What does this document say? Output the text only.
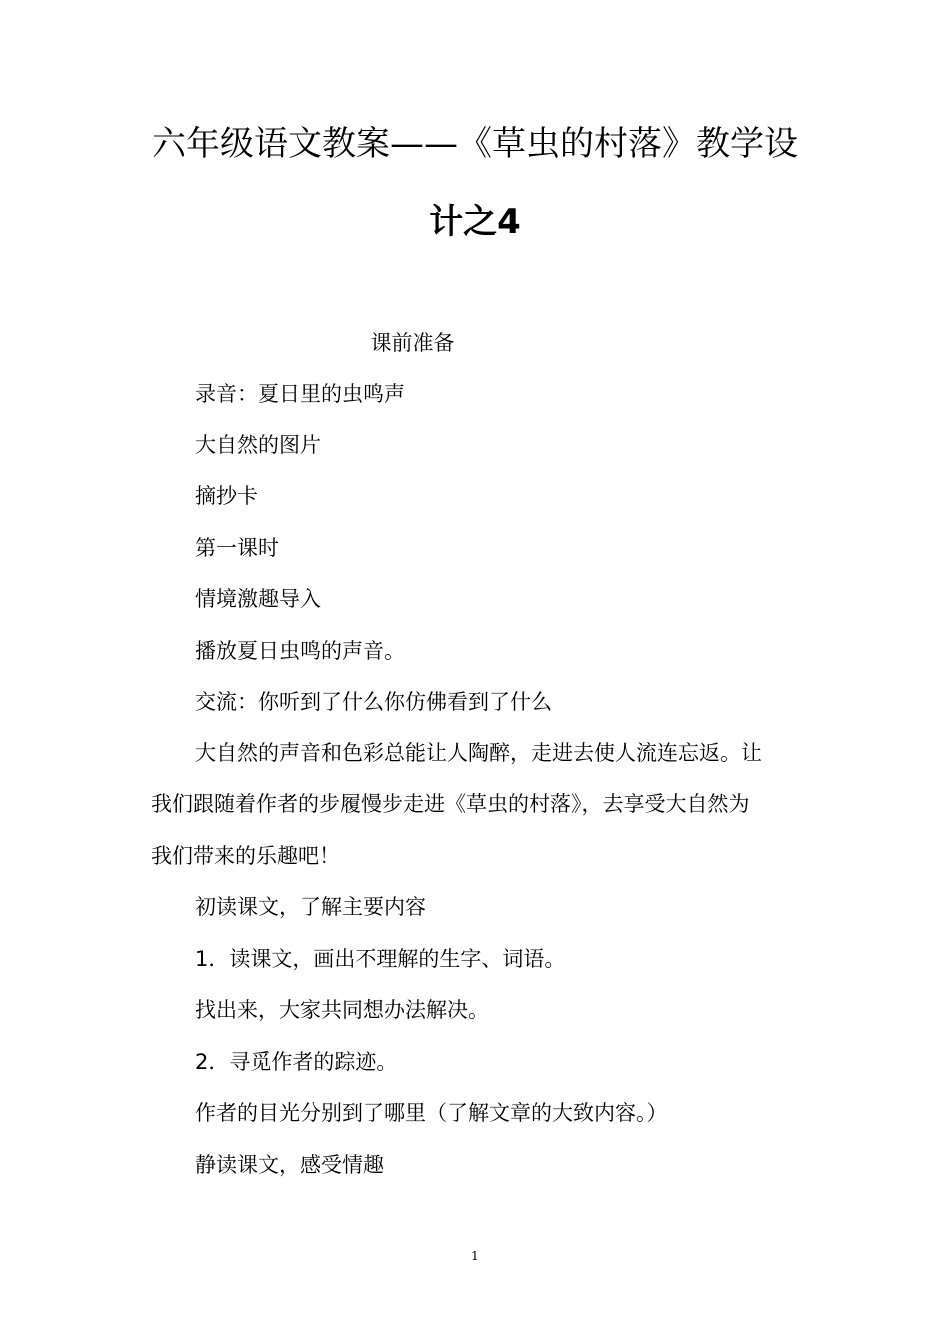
六年级语文教案——《草虫的村落》教学设
计之4
课前准备
录音：夏日里的虫鸣声
大自然的图片
摘抄卡
第一课时
情境激趣导入
播放夏日虫鸣的声音。
交流：你听到了什么你仿佛看到了什么
大自然的声音和色彩总能让人陶醉，走进去使人流连忘返。让
我们跟随着作者的步履慢步走进《草虫的村落》，去享受大自然为
我们带来的乐趣吧！
初读课文，了解主要内容
1．读课文，画出不理解的生字、词语。
找出来，大家共同想办法解决。
2．寻觅作者的踪迹。
作者的目光分别到了哪里（了解文章的大致内容。）
静读课文，感受情趣
1
